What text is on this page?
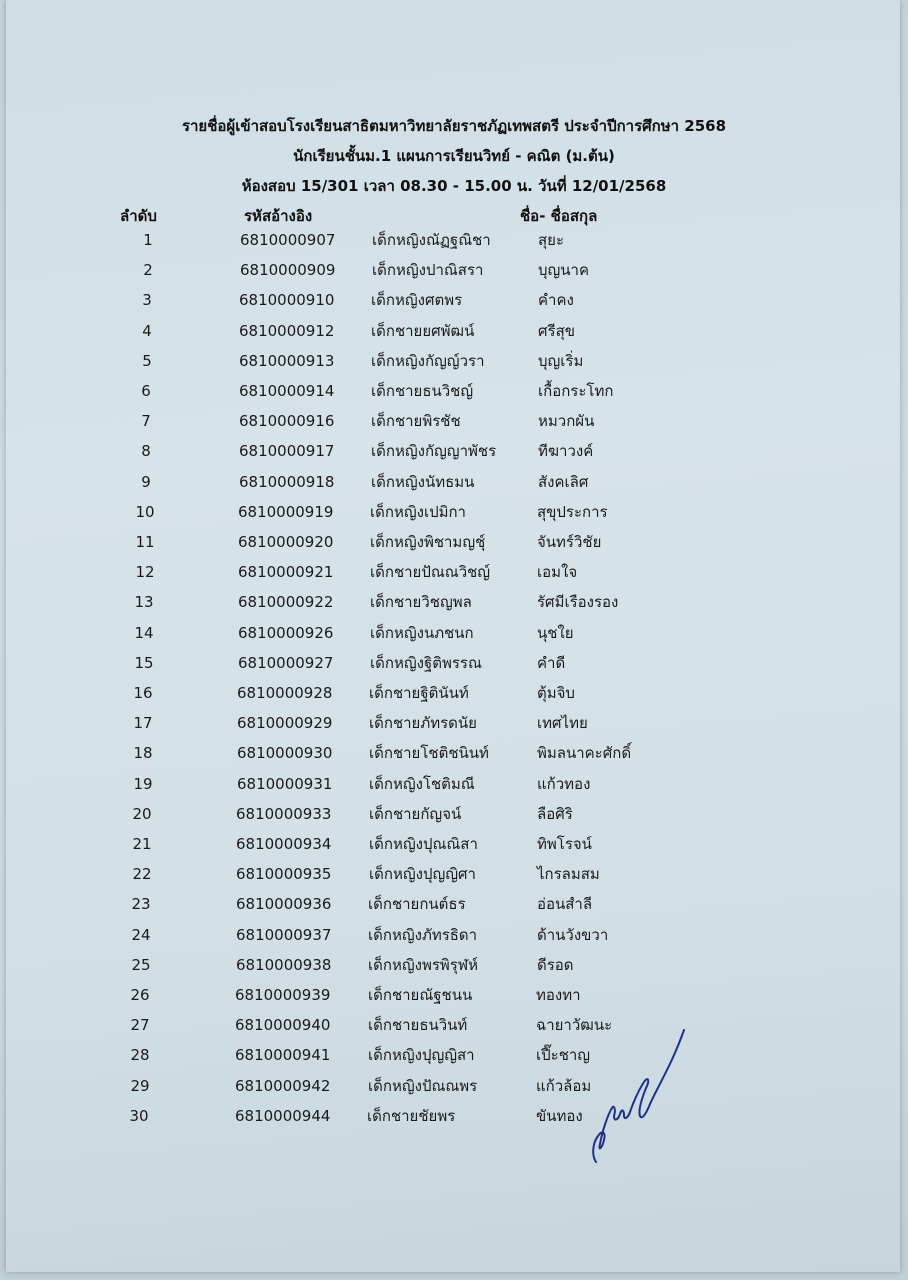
รายชื่อผู้เข้าสอบโรงเรียนสาธิตมหาวิทยาลัยราชภัฏเทพสตรี ประจำปีการศึกษา 2568
นักเรียนชั้นม.1 แผนการเรียนวิทย์ - คณิต (ม.ต้น)
ห้องสอบ 15/301 เวลา 08.30 - 15.00 น. วันที่ 12/01/2568
ลำดับ	รหัสอ้างอิง	ชื่อ- ชื่อสกุล
1	6810000907 เด็กหญิงณัฏฐณิชา	สุยะ
2	6810000909 เด็กหญิงปาณิสรา	บุญนาค
3	6810000910 เด็กหญิงศตพร	คำคง
4	6810000912 เด็กชายยศพัฒน์	ศรีสุข
5	6810000913 เด็กหญิงกัญญ์วรา	บุญเริ่ม
6	6810000914 เด็กชายธนวิชญ์	เกื้อกระโทก
7	6810000916 เด็กชายพิรชัช	หมวกผัน
8	6810000917 เด็กหญิงกัญญาพัชร	ทีฆาวงค์
9	6810000918 เด็กหญิงนัทธมน	สังคเลิศ
10	6810000919 เด็กหญิงเปมิกา	สุขุประการ
11	6810000920 เด็กหญิงพิชามญชุ์	จันทร์วิชัย
12	6810000921 เด็กชายปัณณวิชญ์	เอมใจ
13	6810000922 เด็กชายวิชญพล	รัศมีเรืองรอง
14	6810000926 เด็กหญิงนภชนก	นุชใย
15	6810000927 เด็กหญิงฐิติพรรณ	คำดี
16	6810000928 เด็กชายฐิตินันท์	ตุ้มจิบ
17	6810000929 เด็กชายภัทรดนัย	เทศไทย
18	6810000930 เด็กชายโชติชนินท์	พิมลนาคะศักดิ์
19	6810000931 เด็กหญิงโชติมณี	แก้วทอง
20	6810000933	เด็กชายกัญจน์	ลือศิริ
21	6810000934	เด็กหญิงปุณณิสา	ทิพโรจน์
22	6810000935	เด็กหญิงปุญญิศา	ไกรลมสม
23	6810000936 เด็กชายกนต์ธร	อ่อนสำลี
24	6810000937 เด็กหญิงภัทรธิดา	ด้านวังขวา
25	6810000938 เด็กหญิงพรพิรุฬห์	ดีรอด
26	6810000939	เด็กชายณัฐชนน	ทองทา
27	6810000940	เด็กชายธนวินท์	ฉายาวัฒนะ
28	6810000941	เด็กหญิงปุญญิสา	เปี๊ะชาญ
29	6810000942	เด็กหญิงปัณณพร	แก้วล้อม
30	6810000944 เด็กชายชัยพร	ขันทอง
